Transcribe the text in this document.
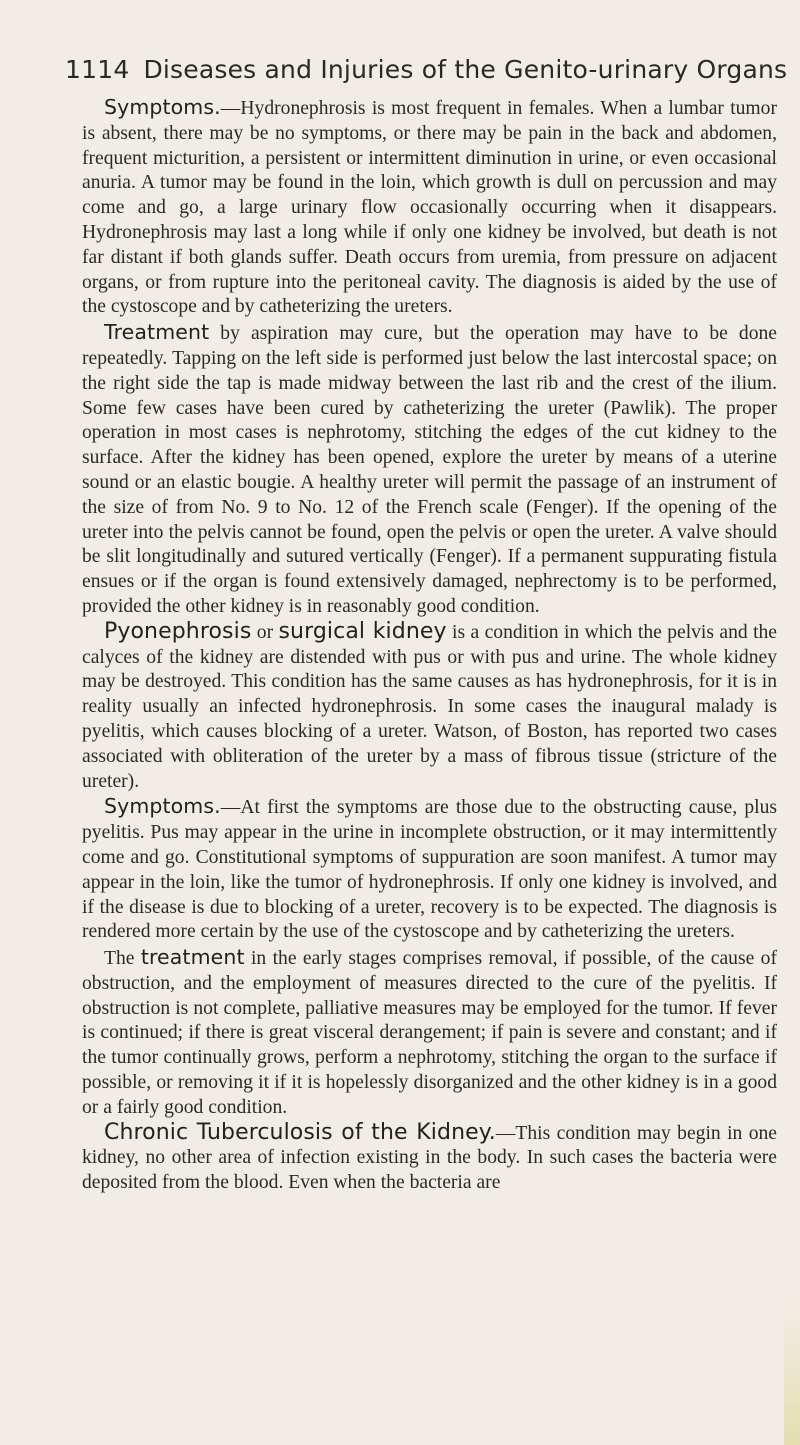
1114 Diseases and Injuries of the Genito-urinary Organs

Symptoms.—Hydronephrosis is most frequent in females. When a lumbar tumor is absent, there may be no symptoms, or there may be pain in the back and abdomen, frequent micturition, a persistent or intermittent diminution in urine, or even occasional anuria. A tumor may be found in the loin, which growth is dull on percussion and may come and go, a large urinary flow occasionally occurring when it disappears. Hydronephrosis may last a long while if only one kidney be involved, but death is not far distant if both glands suffer. Death occurs from uremia, from pressure on adjacent organs, or from rupture into the peritoneal cavity. The diagnosis is aided by the use of the cystoscope and by catheterizing the ureters.

Treatment by aspiration may cure, but the operation may have to be done repeatedly. Tapping on the left side is performed just below the last intercostal space; on the right side the tap is made midway between the last rib and the crest of the ilium. Some few cases have been cured by catheterizing the ureter (Pawlik). The proper operation in most cases is nephrotomy, stitching the edges of the cut kidney to the surface. After the kidney has been opened, explore the ureter by means of a uterine sound or an elastic bougie. A healthy ureter will permit the passage of an instrument of the size of from No. 9 to No. 12 of the French scale (Fenger). If the opening of the ureter into the pelvis cannot be found, open the pelvis or open the ureter. A valve should be slit longitudinally and sutured vertically (Fenger). If a permanent suppurating fistula ensues or if the organ is found extensively damaged, nephrectomy is to be performed, provided the other kidney is in reasonably good condition.

Pyonephrosis or surgical kidney is a condition in which the pelvis and the calyces of the kidney are distended with pus or with pus and urine. The whole kidney may be destroyed. This condition has the same causes as has hydronephrosis, for it is in reality usually an infected hydronephrosis. In some cases the inaugural malady is pyelitis, which causes blocking of a ureter. Watson, of Boston, has reported two cases associated with obliteration of the ureter by a mass of fibrous tissue (stricture of the ureter).

Symptoms.—At first the symptoms are those due to the obstructing cause, plus pyelitis. Pus may appear in the urine in incomplete obstruction, or it may intermittently come and go. Constitutional symptoms of suppuration are soon manifest. A tumor may appear in the loin, like the tumor of hydronephrosis. If only one kidney is involved, and if the disease is due to blocking of a ureter, recovery is to be expected. The diagnosis is rendered more certain by the use of the cystoscope and by catheterizing the ureters.

The treatment in the early stages comprises removal, if possible, of the cause of obstruction, and the employment of measures directed to the cure of the pyelitis. If obstruction is not complete, palliative measures may be employed for the tumor. If fever is continued; if there is great visceral derangement; if pain is severe and constant; and if the tumor continually grows, perform a nephrotomy, stitching the organ to the surface if possible, or removing it if it is hopelessly disorganized and the other kidney is in a good or a fairly good condition.

Chronic Tuberculosis of the Kidney.—This condition may begin in one kidney, no other area of infection existing in the body. In such cases the bacteria were deposited from the blood. Even when the bacteria are
